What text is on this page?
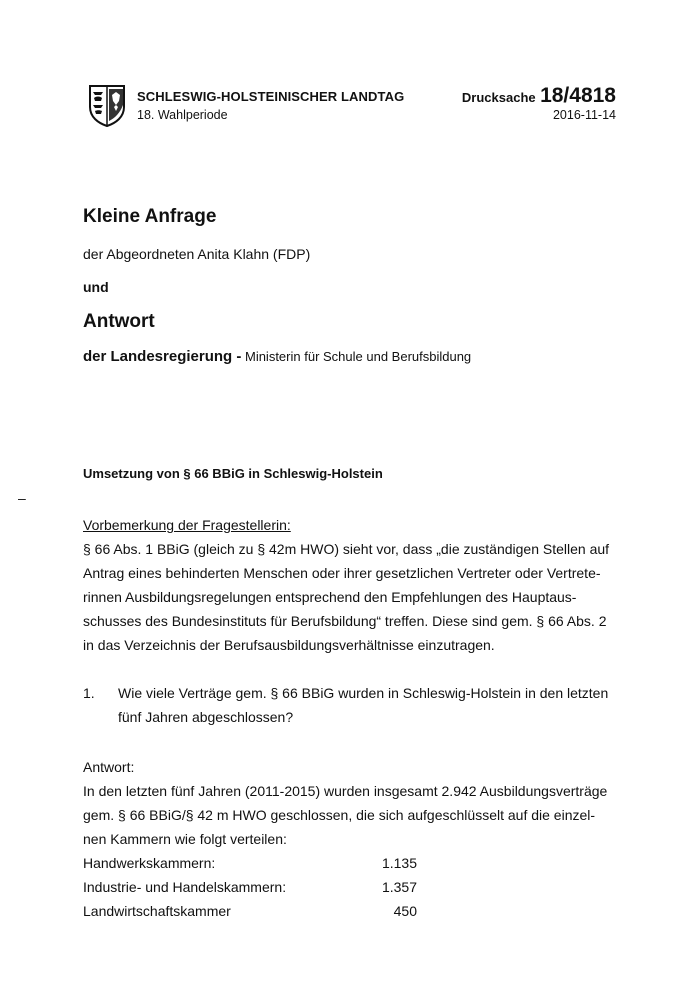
SCHLESWIG-HOLSTEINISCHER LANDTAG
18. Wahlperiode
Drucksache 18/4818
2016-11-14
Kleine Anfrage
der Abgeordneten Anita Klahn (FDP)
und
Antwort
der Landesregierung - Ministerin für Schule und Berufsbildung
Umsetzung von § 66 BBiG in Schleswig-Holstein
–

Vorbemerkung der Fragestellerin:

§ 66 Abs. 1 BBiG (gleich zu § 42m HWO) sieht vor, dass „die zuständigen Stellen auf

Antrag eines behinderten Menschen oder ihrer gesetzlichen Vertreter oder Vertrete-

rinnen Ausbildungsregelungen entsprechend den Empfehlungen des Hauptaus-

schusses des Bundesinstituts für Berufsbildung“ treffen. Diese sind gem. § 66 Abs. 2

in das Verzeichnis der Berufsausbildungsverhältnisse einzutragen.

1.	Wie viele Verträge gem. § 66 BBiG wurden in Schleswig-Holstein in den letzten
fünf Jahren abgeschlossen?

Antwort:

In den letzten fünf Jahren (2011-2015) wurden insgesamt 2.942 Ausbildungsverträge

gem. § 66 BBiG/§ 42 m HWO geschlossen, die sich aufgeschlüsselt auf die einzel-

nen Kammern wie folgt verteilen:

Handwerkskammern:	1.135
Industrie- und Handelskammern:	1.357
Landwirtschaftskammer	450
